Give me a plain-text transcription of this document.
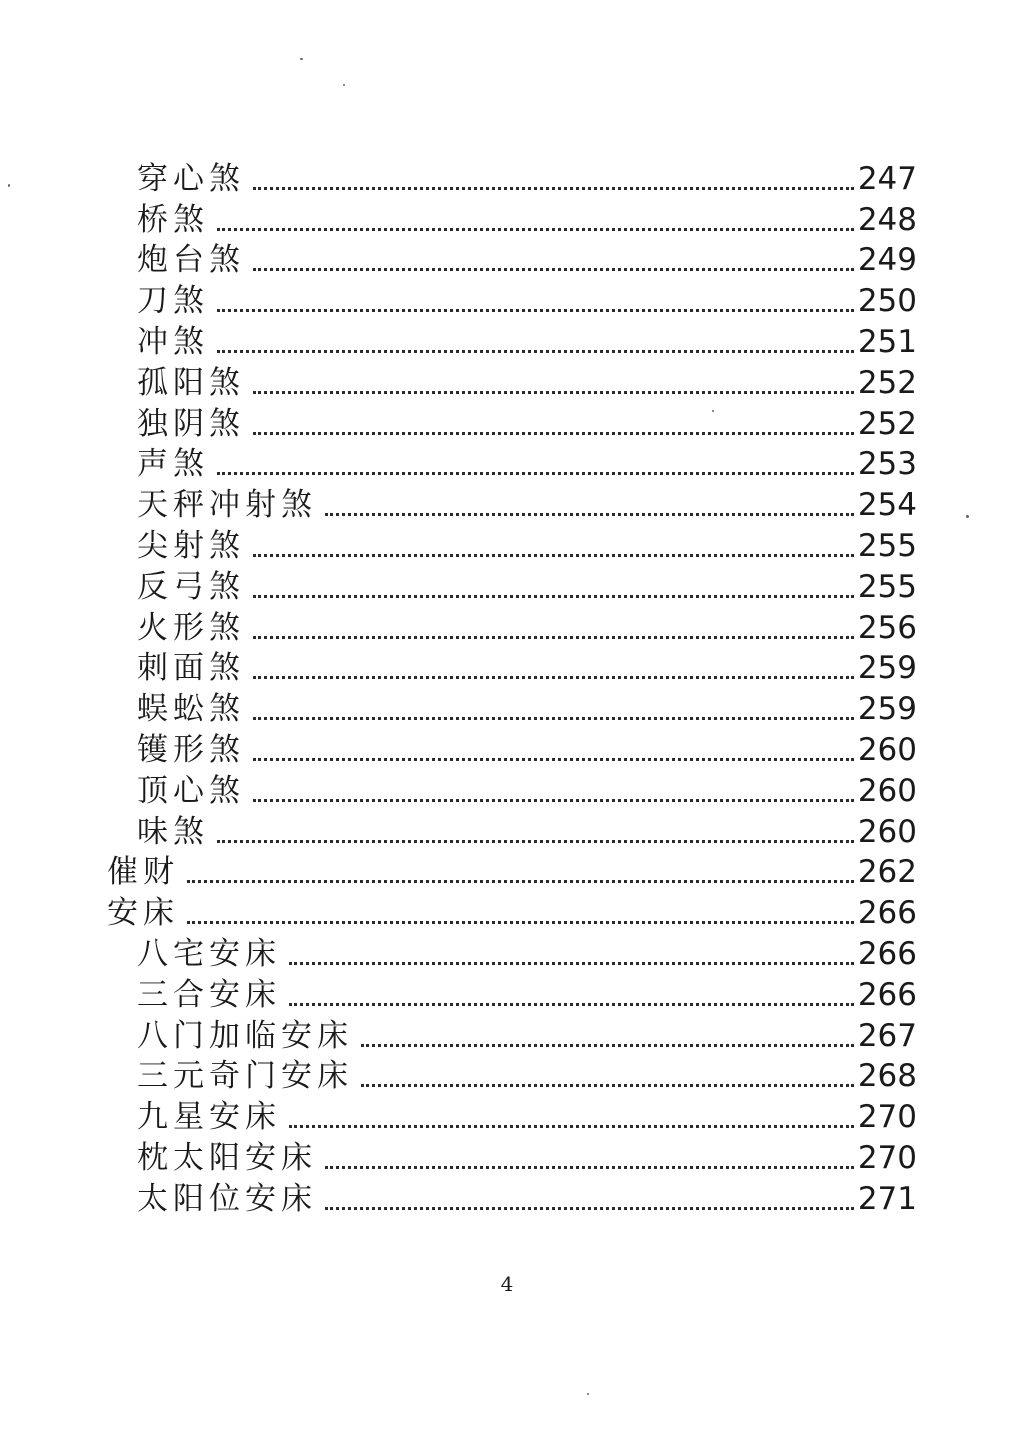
穿心煞	247
桥煞	248
炮台煞	249
刀煞	250
冲煞	251
孤阳煞	252
独阴煞	252
声煞	253
天秤冲射煞	254
尖射煞	255
反弓煞	255
火形煞	256
刺面煞	259
蜈蚣煞	259
镬形煞	260
顶心煞	260
味煞	260
催财	262
安床	266
八宅安床	266
三合安床	266
八门加临安床	267
三元奇门安床	268
九星安床	270
枕太阳安床	270
太阳位安床	271
4
